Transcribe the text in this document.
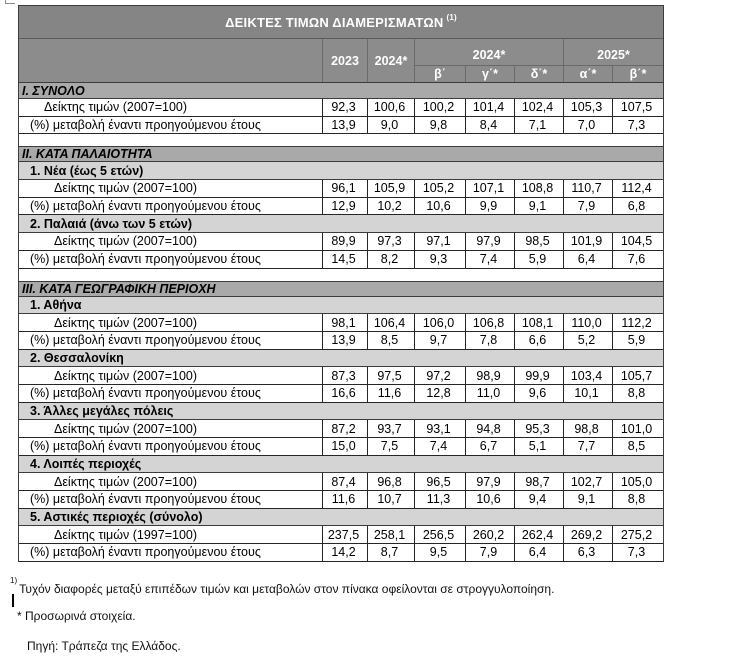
ΔΕΙΚΤΕΣ ΤΙΜΩΝ ΔΙΑΜΕΡΙΣΜΑΤΩΝ $^{(1)}$
2023	2024*	2024*	2025*
β΄	γ΄*	δ΄*	α΄*	β΄*
I. ΣΥΝΟΛΟ
Δείκτης τιμών (2007=100)	92,3	100,6	100,2	101,4	102,4	105,3	107,5
(%) μεταβολή έναντι προηγούμενου έτους	13,9	9,0	9,8	8,4	7,1	7,0	7,3
II. ΚΑΤΑ ΠΑΛΑΙΟΤΗΤΑ
1. Νέα (έως 5 ετών)
Δείκτης τιμών (2007=100)	96,1	105,9	105,2	107,1	108,8	110,7	112,4
(%) μεταβολή έναντι προηγούμενου έτους	12,9	10,2	10,6	9,9	9,1	7,9	6,8
2. Παλαιά (άνω των 5 ετών)
Δείκτης τιμών (2007=100)	89,9	97,3	97,1	97,9	98,5	101,9	104,5
(%) μεταβολή έναντι προηγούμενου έτους	14,5	8,2	9,3	7,4	5,9	6,4	7,6
III. ΚΑΤΑ ΓΕΩΓΡΑΦΙΚΗ ΠΕΡΙΟΧΗ
1. Αθήνα
Δείκτης τιμών (2007=100)	98,1	106,4	106,0	106,8	108,1	110,0	112,2
(%) μεταβολή έναντι προηγούμενου έτους	13,9	8,5	9,7	7,8	6,6	5,2	5,9
2. Θεσσαλονίκη
Δείκτης τιμών (2007=100)	87,3	97,5	97,2	98,9	99,9	103,4	105,7
(%) μεταβολή έναντι προηγούμενου έτους	16,6	11,6	12,8	11,0	9,6	10,1	8,8
3. Άλλες μεγάλες πόλεις
Δείκτης τιμών (2007=100)	87,2	93,7	93,1	94,8	95,3	98,8	101,0
(%) μεταβολή έναντι προηγούμενου έτους	15,0	7,5	7,4	6,7	5,1	7,7	8,5
4. Λοιπές περιοχές
Δείκτης τιμών (2007=100)	87,4	96,8	96,5	97,9	98,7	102,7	105,0
(%) μεταβολή έναντι προηγούμενου έτους	11,6	10,7	11,3	10,6	9,4	9,1	8,8
5. Αστικές περιοχές (σύνολο)
Δείκτης τιμών (1997=100)	237,5	258,1	256,5	260,2	262,4	269,2	275,2
(%) μεταβολή έναντι προηγούμενου έτους	14,2	8,7	9,5	7,9	6,4	6,3	7,3
$^{1)}$Τυχόν διαφορές μεταξύ επιπέδων τιμών και μεταβολών στον πίνακα οφείλονται σε στρογγυλοποίηση.
* Προσωρινά στοιχεία.
Πηγή: Τράπεζα της Ελλάδος.
